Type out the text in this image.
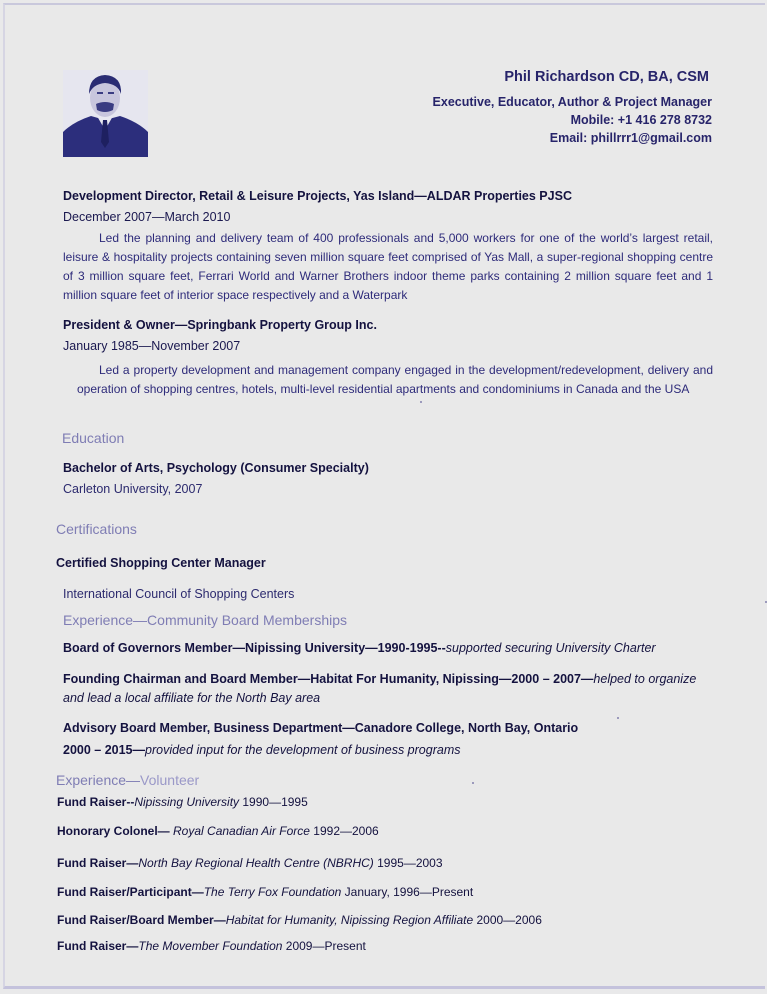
Phil Richardson CD, BA, CSM
Executive, Educator, Author & Project Manager
Mobile: +1 416 278 8732
Email: phillrrr1@gmail.com
Development Director, Retail & Leisure Projects, Yas Island—ALDAR Properties PJSC
December 2007—March 2010
Led the planning and delivery team of 400 professionals and 5,000 workers for one of the world’s largest retail, leisure & hospitality projects containing seven million square feet comprised of Yas Mall, a super-regional shopping centre of 3 million square feet, Ferrari World and Warner Brothers indoor theme parks containing 2 million square feet and 1 million square feet of interior space respectively and a Waterpark
President & Owner—Springbank Property Group Inc.
January 1985—November 2007
Led a property development and management company engaged in the development/redevelopment, delivery and operation of shopping centres, hotels, multi-level residential apartments and condominiums in Canada and the USA
Education
Bachelor of Arts, Psychology (Consumer Specialty)
Carleton University, 2007
Certifications
Certified Shopping Center Manager
International Council of Shopping Centers
Experience—Community Board Memberships
Board of Governors Member—Nipissing University—1990-1995--supported securing University Charter
Founding Chairman and Board Member—Habitat For Humanity, Nipissing—2000 – 2007—helped to organize
and lead a local affiliate for the North Bay area
Advisory Board Member, Business Department—Canadore College, North Bay, Ontario
2000 – 2015—provided input for the development of business programs
Experience—Volunteer
Fund Raiser--Nipissing University 1990—1995
Honorary Colonel— Royal Canadian Air Force 1992—2006
Fund Raiser—North Bay Regional Health Centre (NBRHC) 1995—2003
Fund Raiser/Participant—The Terry Fox Foundation January, 1996—Present
Fund Raiser/Board Member—Habitat for Humanity, Nipissing Region Affiliate 2000—2006
Fund Raiser—The Movember Foundation 2009—Present
